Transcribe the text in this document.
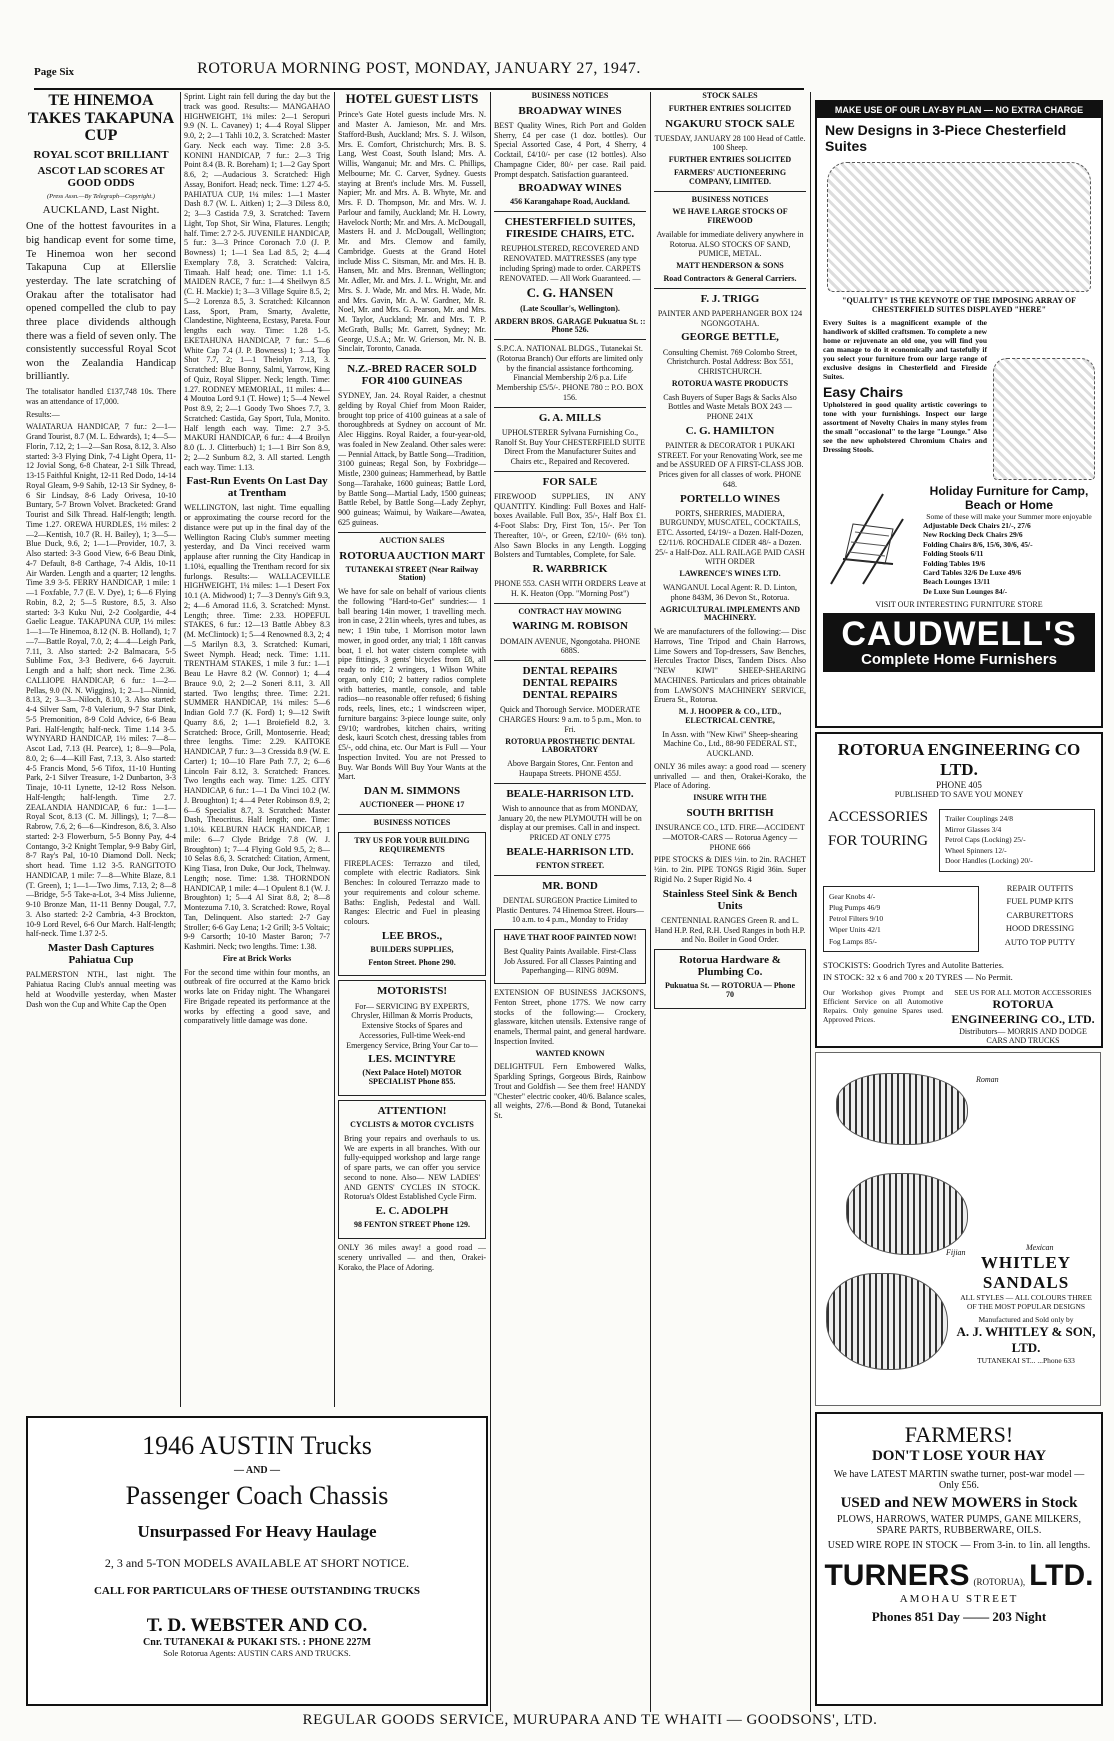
Page Six	ROTORUA MORNING POST, MONDAY, JANUARY 27, 1947.
TE HINEMOA TAKES TAKAPUNA CUP
ROYAL SCOT BRILLIANT
ASCOT LAD SCORES AT GOOD ODDS

(Press Assn.—By Telegraph—Copyright.)

AUCKLAND, Last Night.

One of the hottest favourites in a big handicap event for some time, Te Hinemoa won her second Takapuna Cup at Ellerslie yesterday. The late scratching of Orakau after the totalisator had opened compelled the club to pay three place dividends although there was a field of seven only. The consistently successful Royal Scot won the Zealandia Handicap brilliantly.

The totalisator handled £137,748 10s. There was an attendance of 17,000.

Results:—

WAIATARUA HANDICAP, 7 fur.: 2—1—Grand Tourist, 8.7 (M. L. Edwards), 1; 4—5—Florin, 7.12, 2; 1—2—San Rosa, 8.12, 3. Also started: 3-3 Flying Dink, 7-4 Light Opera, 11-12 Jovial Song, 6-8 Chatear, 2-1 Silk Thread, 13-15 Faithful Knight, 12-11 Red Dodo, 14-14 Royal Gleam, 9-9 Sahib, 12-13 Sir Sydney, 8-6 Sir Lindsay, 8-6 Lady Orivesa, 10-10 Buntary, 5-7 Brown Volvet. Bracketed: Grand Tourist and Silk Thread. Half-length; length. Time 1.27. OREWA HURDLES, 1½ miles: 2—2—Kentish, 10.7 (R. H. Bailey), 1; 3—5—Blue Duck, 9.6, 2; 1—1—Provider, 10.7, 3. Also started: 3-3 Good View, 6-6 Beau Dink, 4-7 Default, 8-8 Carthage, 7-4 Aldis, 10-11 Air Warden. Length and a quarter; 12 lengths. Time 3.9 3-5. FERRY HANDICAP, 1 mile: 1—1 Foxfable, 7.7 (E. V. Dye), 1; 6—6 Flying Robin, 8.2, 2; 5—5 Rustore, 8.5, 3. Also started: 3-3 Kuku Nui, 2-2 Coolgardie, 4-4 Gaelic League. TAKAPUNA CUP, 1½ miles: 1—1—Te Hinemoa, 8.12 (N. B. Holland), 1; 7—7—Battle Royal, 7.0, 2; 4—4—Leigh Park, 7.11, 3. Also started: 2-2 Balmacara, 5-5 Sublime Fox, 3-3 Bedivere, 6-6 Jaycruit. Length and a half; short neck. Time 2.36. CALLIOPE HANDICAP, 6 fur.: 1—2—Pellas, 9.0 (N. N. Wiggins), 1; 2—1—Ninnid, 8.13, 2; 3—3—Niloch, 8.10, 3. Also started: 4-4 Silver Sam, 7-8 Valerium, 9-7 Star Dink, 5-5 Premonition, 8-9 Cold Advice, 6-6 Beau Pari. Half-length; half-neck. Time 1.14 3-5. WYNYARD HANDICAP, 1½ miles: 7—8—Ascot Lad, 7.13 (H. Pearce), 1; 8—9—Pola, 8.0, 2; 6—4—Kill Fast, 7.13, 3. Also started: 4-5 Francis Mond, 5-6 Tifox, 11-10 Hunting Park, 2-1 Silver Treasure, 1-2 Dunbarton, 3-3 Tinaje, 10-11 Lynette, 12-12 Ross Nelson. Half-length; half-length. Time 2.7. ZEALANDIA HANDICAP, 6 fur.: 1—1—Royal Scot, 8.13 (C. M. Jillings), 1; 7—8—Rabrow, 7.6, 2; 6—6—Kindreson, 8.6, 3. Also started: 2-3 Flowerburn, 5-5 Bonny Pay, 4-4 Contango, 3-2 Knight Templar, 9-9 Baby Girl, 8-7 Ray's Pal, 10-10 Diamond Doll. Neck; short head. Time 1.12 3-5. RANGITOTO HANDICAP, 1 mile: 7—8—White Blaze, 8.1 (T. Green), 1; 1—1—Two Jims, 7.13, 2; 8—8—Bridge, 5-5 Take-a-Lot, 3-4 Miss Julienne, 9-10 Bronze Man, 11-11 Benny Dougal, 7.7, 3. Also started: 2-2 Cambria, 4-3 Brockton, 10-9 Lord Revel, 6-6 Our March. Half-length; half-neck. Time 1.37 2-5.

Master Dash Captures Pahiatua Cup

PALMERSTON NTH., last night. The Pahiatua Racing Club's annual meeting was held at Woodville yesterday, when Master Dash won the Cup and White Cap the Open

Sprint. Light rain fell during the day but the track was good. Results:— MANGAHAO HIGHWEIGHT, 1¼ miles: 2—1 Seropuri 9.9 (N. L. Cavaney) 1; 4—4 Royal Slipper 9.0, 2; 2—1 Tahli 10.2, 3. Scratched: Master Gary. Neck each way. Time: 2.8 3-5. KONINI HANDICAP, 7 fur.: 2—3 Trig Point 8.4 (B. R. Boreham) 1; 1—2 Gay Sport 8.6, 2; —Audacious 3. Scratched: High Assay, Bonifort. Head; neck. Time: 1.27 4-5. PAHIATUA CUP, 1¼ miles: 1—1 Master Dash 8.7 (W. L. Aitken) 1; 2—3 Diless 8.0, 2; 3—3 Castida 7.9, 3. Scratched: Tavern Light, Top Shot, Sir Wina, Flatures. Length; half. Time: 2.7 2-5. JUVENILE HANDICAP, 5 fur.: 3—3 Prince Coronach 7.0 (J. P. Bowness) 1; 1—1 Sea Lad 8.5, 2; 4—4 Exemplary 7.8, 3. Scratched: Valcira, Timaah. Half head; one. Time: 1.1 1-5. MAIDEN RACE, 7 fur.: 1—4 Sheilwyn 8.5 (C. H. Mackie) 1; 3—3 Village Squire 8.5, 2; 5—2 Lorenza 8.5, 3. Scratched: Kilcannon Lass, Sport, Pram, Smarty, Avalette, Clandestine, Nighteena, Ecstasy, Pareta. Four lengths each way. Time: 1.28 1-5. EKETAHUNA HANDICAP, 7 fur.: 5—6 White Cap 7.4 (J. P. Bowness) 1; 3—4 Top Shot 7.7, 2; 1—1 Theiolyn 7.13, 3. Scratched: Blue Bonny, Salmi, Yarrow, King of Quiz, Royal Slipper. Neck; length. Time: 1.27. RODNEY MEMORIAL, 11 miles: 4—4 Moutoa Lord 9.1 (T. Howe) 1; 5—4 Newel Post 8.9, 2; 2—1 Goody Two Shoes 7.7, 3. Scratched: Castida, Gay Sport, Tula, Monito. Half length each way. Time: 2.7 3-5. MAKURI HANDICAP, 6 fur.: 4—4 Broilyn 8.0 (L. J. Clitterbuch) 1; 1—1 Birr Son 8.9, 2; 2—2 Sunburn 8.2, 3. All started. Length each way. Time: 1.13.

Fast-Run Events On Last Day at Trentham

WELLINGTON, last night. Time equalling or approximating the course record for the distance were put up in the final day of the Wellington Racing Club's summer meeting yesterday, and Da Vinci received warm applause after running the City Handicap in 1.10¼, equalling the Trentham record for six furlongs. Results:— WALLACEVILLE HIGHWEIGHT, 1¼ miles: 1—1 Desert Fox 10.1 (A. Midwood) 1; 7—3 Denny's Gift 9.3, 2; 4—6 Amorad 11.6, 3. Scratched: Mynst. Length; three. Time: 2.33. HOPEFUL STAKES, 6 fur.: 12—13 Battle Abbey 8.3 (M. McClintock) 1; 5—4 Renowned 8.3, 2; 4—5 Marilyn 8.3, 3. Scratched: Kumari, Sweet Nymph. Head; neck. Time: 1.11. TRENTHAM STAKES, 1 mile 3 fur.: 1—1 Beau Le Havre 8.2 (W. Connor) 1; 4—4 Brauce 9.0, 2; 2—2 Soneri 8.11, 3. All started. Two lengths; three. Time: 2.21. SUMMER HANDICAP, 1¼ miles: 5—6 Indian Gold 7.7 (K. Ford) 1; 9—12 Swift Quarry 8.6, 2; 1—1 Broiefield 8.2, 3. Scratched: Broce, Grill, Montoserrie. Head; three lengths. Time: 2.29. KAITOKE HANDICAP, 7 fur.: 3—3 Cressida 8.9 (W. E. Carter) 1; 10—10 Flare Path 7.7, 2; 6—6 Lincoln Fair 8.12, 3. Scratched: Frances. Two lengths each way. Time: 1.25. CITY HANDICAP, 6 fur.: 1—1 Da Vinci 10.2 (W. J. Broughton) 1; 4—4 Peter Robinson 8.9, 2; 6—6 Specialist 8.7, 3. Scratched: Master Dash, Theocritus. Half length; one. Time: 1.10¼. KELBURN HACK HANDICAP, 1 mile: 6—7 Clyde Bridge 7.8 (W. J. Broughton) 1; 7—4 Flying Gold 9.5, 2; 8—10 Selas 8.6, 3. Scratched: Citation, Arment, King Tiasa, Iron Duke, Our Jock, Thelnway. Length; nose. Time: 1.38. THORNDON HANDICAP, 1 mile: 4—1 Opulent 8.1 (W. J. Broughton) 1; 5—4 Al Sirat 8.8, 2; 8—8 Montezuma 7.10, 3. Scratched: Rowe, Royal Tan, Delinquent. Also started: 2-7 Gay Stroller; 6-6 Gay Lena; 1-2 Grill; 3-5 Voltaic; 9-9 Carsorth; 10-10 Master Baron; 7-7 Kashmiri. Neck; two lengths. Time: 1.38.

Fire at Brick Works

For the second time within four months, an outbreak of fire occurred at the Kamo brick works late on Friday night. The Whangarei Fire Brigade repeated its performance at the works by effecting a good save, and comparatively little damage was done.

HOTEL GUEST LISTS

Prince's Gate Hotel guests include Mrs. N. and Master A. Jamieson, Mr. and Mrs. Stafford-Bush, Auckland; Mrs. S. J. Wilson, Mrs. E. Comfort, Christchurch; Mrs. B. S. Lang, West Coast, South Island; Mrs. A. Willis, Wanganui; Mr. and Mrs. C. Phillips, Melbourne; Mr. C. Carver, Sydney. Guests staying at Brent's include Mrs. M. Fussell, Napier; Mr. and Mrs. A. B. Whyte, Mr. and Mrs. F. D. Thompson, Mr. and Mrs. W. J. Parlour and family, Auckland; Mr. H. Lowry, Havelock North; Mr. and Mrs. A. McDougall, Masters H. and J. McDougall, Wellington; Mr. and Mrs. Clemow and family, Cambridge. Guests at the Grand Hotel include Miss C. Sitsman, Mr. and Mrs. H. B. Hansen, Mr. and Mrs. Brennan, Wellington; Mr. Adler, Mr. and Mrs. J. L. Wright, Mr. and Mrs. S. J. Wade, Mr. and Mrs. H. Wade, Mr. and Mrs. Gavin, Mr. A. W. Gardner, Mr. R. Noel, Mr. and Mrs. G. Pearson, Mr. and Mrs. M. Taylor, Auckland; Mr. and Mrs. T. P. McGrath, Bulls; Mr. Garrett, Sydney; Mr. George, U.S.A.; Mr. W. Grierson, Mr. N. B. Sinclair, Toronto, Canada.

N.Z.-BRED RACER SOLD FOR 4100 GUINEAS

SYDNEY, Jan. 24. Royal Raider, a chestnut gelding by Royal Chief from Moon Raider, brought top price of 4100 guineas at a sale of thoroughbreds at Sydney on account of Mr. Alec Higgins. Royal Raider, a four-year-old, was foaled in New Zealand. Other sales were:— Pennial Attack, by Battle Song—Tradition, 3100 guineas; Regal Son, by Foxbridge—Mistle, 2300 guineas; Hammerhead, by Battle Song—Tarahake, 1600 guineas; Battle Lord, by Battle Song—Martial Lady, 1500 guineas; Battle Rebel, by Battle Song—Lady Zephyr, 900 guineas; Waimui, by Waikare—Awatea, 625 guineas.

AUCTION SALES
ROTORUA AUCTION MART
TUTANEKAI STREET (Near Railway Station)

We have for sale on behalf of various clients the following "Hard-to-Get" sundries:— 1 ball bearing 14in mower, 1 travelling mech. iron in case, 2 21in wheels, tyres and tubes, as new; 1 19in tube, 1 Morrison motor lawn mower, in good order, any trial; 1 18ft canvas boat, 1 el. hot water cistern complete with pipe fittings, 3 gents' bicycles from £8, all ready to ride; 2 wringers, 1 Wilson White organ, only £10; 2 battery radios complete with batteries, mantle, console, and table radios—no reasonable offer refused; 6 fishing rods, reels, lines, etc.; 1 windscreen wiper, furniture bargains: 3-piece lounge suite, only £9/10; wardrobes, kitchen chairs, writing desk, kauri Scotch chest, dressing tables from £5/-, odd china, etc. Our Mart is Full — Your Inspection Invited. You are not Pressed to Buy. War Bonds Will Buy Your Wants at the Mart.

DAN M. SIMMONS
AUCTIONEER — PHONE 17
BUSINESS NOTICES
TRY US FOR YOUR BUILDING REQUIREMENTS

FIREPLACES: Terrazzo and tiled, complete with electric Radiators. Sink Benches: In coloured Terrazzo made to your requirements and colour scheme. Baths: English, Pedestal and Wall. Ranges: Electric and Fuel in pleasing colours.

LEE BROS.,
BUILDERS SUPPLIES,
Fenton Street. Phone 290.
MOTORISTS!

For— SERVICING BY EXPERTS, Chrysler, Hillman & Morris Products, Extensive Stocks of Spares and Accessories, Full-time Week-end Emergency Service, Bring Your Car to—

LES. MCINTYRE
(Next Palace Hotel) MOTOR SPECIALIST Phone 855.
ATTENTION!
CYCLISTS & MOTOR CYCLISTS

Bring your repairs and overhauls to us. We are experts in all branches. With our fully-equipped workshop and large range of spare parts, we can offer you service second to none. Also— NEW LADIES' AND GENTS' CYCLES IN STOCK. Rotorua's Oldest Established Cycle Firm.

E. C. ADOLPH
98 FENTON STREET Phone 129.

ONLY 36 miles away! a good road — scenery unrivalled — and then, Orakei-Korako, the Place of Adoring.

BUSINESS NOTICES
BROADWAY WINES

BEST Quality Wines, Rich Port and Golden Sherry, £4 per case (1 doz. bottles). Our Special Assorted Case, 4 Port, 4 Sherry, 4 Cocktail, £4/10/- per case (12 bottles). Also Champagne Cider, 80/- per case. Rail paid. Prompt despatch. Satisfaction guaranteed.

BROADWAY WINES
456 Karangahape Road, Auckland.
CHESTERFIELD SUITES, FIRESIDE CHAIRS, ETC.

REUPHOLSTERED, RECOVERED AND RENOVATED. MATTRESSES (any type including Spring) made to order. CARPETS RENOVATED. — All Work Guaranteed. —

C. G. HANSEN
(Late Scoullar's, Wellington).
ARDERN BROS. GARAGE Pukuatua St. :: Phone 526.

S.P.C.A. NATIONAL BLDGS., Tutanekai St. (Rotorua Branch) Our efforts are limited only by the financial assistance forthcoming. Financial Membership 2/6 p.a. Life Membership £5/5/-. PHONE 780 :: P.O. BOX 156.

G. A. MILLS

UPHOLSTERER Sylvana Furnishing Co., Ranolf St. Buy Your CHESTERFIELD SUITE Direct From the Manufacturer Suites and Chairs etc., Repaired and Recovered.

FOR SALE

FIREWOOD SUPPLIES, IN ANY QUANTITY. Kindling: Full Boxes and Half-boxes Available. Full Box, 35/-, Half Box £1. 4-Foot Slabs: Dry, First Ton, 15/-. Per Ton Thereafter, 10/-, or Green, £2/10/- (6½ ton). Also Sawn Blocks in any Length. Logging Bolsters and Turntables, Complete, for Sale.

R. WARBRICK

PHONE 553. CASH WITH ORDERS Leave at H. K. Heaton (Opp. "Morning Post")

CONTRACT HAY MOWING
WARING M. ROBISON

DOMAIN AVENUE, Ngongotaha. PHONE 688S.

DENTAL REPAIRS
DENTAL REPAIRS
DENTAL REPAIRS

Quick and Thorough Service. MODERATE CHARGES Hours: 9 a.m. to 5 p.m., Mon. to Fri.

ROTORUA PROSTHETIC DENTAL LABORATORY

Above Bargain Stores, Cnr. Fenton and Haupapa Streets. PHONE 455J.

BEALE-HARRISON LTD.

Wish to announce that as from MONDAY, January 20, the new PLYMOUTH will be on display at our premises. Call in and inspect. PRICED AT ONLY £775

BEALE-HARRISON LTD.
FENTON STREET.
MR. BOND

DENTAL SURGEON Practice Limited to Plastic Dentures. 74 Hinemoa Street. Hours— 10 a.m. to 4 p.m., Monday to Friday

HAVE THAT ROOF PAINTED NOW!

Best Quality Paints Available. First-Class Job Assured. For all Classes Painting and Paperhanging— RING 809M.

EXTENSION OF BUSINESS JACKSON'S, Fenton Street, phone 177S. We now carry stocks of the following:— Crockery, glassware, kitchen utensils. Extensive range of enamels, Thermal paint, and general hardware. Inspection Invited.

WANTED KNOWN

DELIGHTFUL Fern Embowered Walks, Sparkling Springs, Gorgeous Birds, Rainbow Trout and Goldfish — See them free! HANDY "Chester" electric cooker, 40/6. Balance scales, all weights, 27/6.—Bond & Bond, Tutanekai St.

STOCK SALES
FURTHER ENTRIES SOLICITED
NGAKURU STOCK SALE

TUESDAY, JANUARY 28 100 Head of Cattle. 100 Sheep.

FURTHER ENTRIES SOLICITED
FARMERS' AUCTIONEERING COMPANY, LIMITED.
BUSINESS NOTICES
WE HAVE LARGE STOCKS OF FIREWOOD

Available for immediate delivery anywhere in Rotorua. ALSO STOCKS OF SAND, PUMICE, METAL.

MATT HENDERSON & SONS
Road Contractors & General Carriers.
F. J. TRIGG

PAINTER AND PAPERHANGER BOX 124 NGONGOTAHA.

GEORGE BETTLE,

Consulting Chemist. 769 Colombo Street, Christchurch. Postal Address: Box 551, CHRISTCHURCH.

ROTORUA WASTE PRODUCTS

Cash Buyers of Super Bags & Sacks Also Bottles and Waste Metals BOX 243 — PHONE 241X

C. G. HAMILTON

PAINTER & DECORATOR 1 PUKAKI STREET. For your Renovating Work, see me and be ASSURED OF A FIRST-CLASS JOB. Prices given for all classes of work. PHONE 648.

PORTELLO WINES

PORTS, SHERRIES, MADIERA, BURGUNDY, MUSCATEL, COCKTAILS, ETC. Assorted, £4/19/- a Dozen. Half-Dozen, £2/11/6. ROCHDALE CIDER 48/- a Dozen. 25/- a Half-Doz. ALL RAILAGE PAID CASH WITH ORDER

LAWRENCE'S WINES LTD.

WANGANUI. Local Agent: R. D. Linton, phone 843M, 36 Devon St., Rotorua.

AGRICULTURAL IMPLEMENTS AND MACHINERY.

We are manufacturers of the following:— Disc Harrows, Tine Tripod and Chain Harrows, Lime Sowers and Top-dressers, Saw Benches, Hercules Tractor Discs, Tandem Discs. Also "NEW KIWI" SHEEP-SHEARING MACHINES. Particulars and prices obtainable from LAWSON'S MACHINERY SERVICE, Eruera St., Rotorua.

M. J. HOOPER & CO., LTD., ELECTRICAL CENTRE,

In Assn. with "New Kiwi" Sheep-shearing Machine Co., Ltd., 88-90 FEDERAL ST., AUCKLAND.

ONLY 36 miles away: a good road — scenery unrivalled — and then, Orakei-Korako, the Place of Adoring.

INSURE WITH THE
SOUTH BRITISH

INSURANCE CO., LTD. FIRE—ACCIDENT—MOTOR-CARS — Rotorua Agency — PHONE 666

PIPE STOCKS & DIES ½in. to 2in. RACHET ½in. to 2in. PIPE TONGS Rigid 36in. Super Rigid No. 2 Super Rigid No. 4

Stainless Steel Sink & Bench Units

CENTENNIAL RANGES Green R. and L. Hand H.P. Red, R.H. Used Ranges in both H.P. and No. Boiler in Good Order.

Rotorua Hardware & Plumbing Co.
Pukuatua St. — ROTORUA — Phone 70
MAKE USE OF OUR LAY-BY PLAN — NO EXTRA CHARGE
New Designs in 3-Piece Chesterfield Suites
"QUALITY" IS THE KEYNOTE OF THE IMPOSING ARRAY OF CHESTERFIELD SUITES DISPLAYED "HERE"

Every Suites is a magnificent example of the handiwork of skilled craftsmen. To complete a new home or rejuvenate an old one, you will find you can manage to do it economically and tastefully if you select your furniture from our large range of exclusive designs in Chesterfield and Fireside Suites.

Easy Chairs

Upholstered in good quality artistic coverings to tone with your furnishings. Inspect our large assortment of Novelty Chairs in many styles from the small "occasional" to the large "Lounge." Also see the new upholstered Chromium Chairs and Dressing Stools.

Holiday Furniture for Camp, Beach or Home
Some of these will make your Summer more enjoyable
Adjustable Deck Chairs 21/-, 27/6
New Rocking Deck Chairs 29/6
Folding Chairs 8/6, 15/6, 30/6, 45/-
Folding Stools 6/11
Folding Tables 19/6
Card Tables 32/6 De Luxe 49/6
Beach Lounges 13/11
De Luxe Sun Lounges 84/-
VISIT OUR INTERESTING FURNITURE STORE
CAUDWELL'S
Complete Home Furnishers
ROTORUA ENGINEERING CO LTD.
PHONE 405
PUBLISHED TO SAVE YOU MONEY
ACCESSORIES FOR TOURING
Trailer Couplings 24/8
Mirror Glasses 3/4
Petrol Caps (Locking) 25/-
Wheel Spinners 12/-
Door Handles (Locking) 20/-
Gear Knobs 4/-
Plug Pumps 46/9
Petrol Filters 9/10
Wiper Units 42/1
Fog Lamps 85/-
REPAIR OUTFITS
FUEL PUMP KITS
CARBURETTORS
HOOD DRESSING
AUTO TOP PUTTY
STOCKISTS: Goodrich Tyres and Autolite Batteries.
IN STOCK: 32 x 6 and 700 x 20 TYRES — No Permit.

Our Workshop gives Prompt and Efficient Service on all Automotive Repairs. Only genuine Spares used. Approved Prices.

SEE US FOR ALL MOTOR ACCESSORIES
ROTORUA ENGINEERING CO., LTD.
Distributors— MORRIS AND DODGE CARS AND TRUCKS
Roman
Mexican
Fijian
WHITLEY SANDALS
ALL STYLES — ALL COLOURS THREE OF THE MOST POPULAR DESIGNS
Manufactured and Sold only by
A. J. WHITLEY & SON, LTD.
TUTANEKAI ST... ...Phone 633
FARMERS!
DON'T LOSE YOUR HAY
We have LATEST MARTIN swathe turner, post-war model — Only £56.
USED and NEW MOWERS in Stock
PLOWS, HARROWS, WATER PUMPS, GANE MILKERS, SPARE PARTS, RUBBERWARE, OILS.
USED WIRE ROPE IN STOCK — From 3-in. to 1in. all lengths.
TURNERS (ROTORUA), LTD.
AMOHAU STREET
Phones 851 Day —— 203 Night
1946 AUSTIN Trucks
— AND —
Passenger Coach Chassis
Unsurpassed For Heavy Haulage
2, 3 and 5-TON MODELS AVAILABLE AT SHORT NOTICE.
CALL FOR PARTICULARS OF THESE OUTSTANDING TRUCKS
T. D. WEBSTER AND CO.
Cnr. TUTANEKAI & PUKAKI STS. : PHONE 227M
Sole Rotorua Agents: AUSTIN CARS AND TRUCKS.
REGULAR GOODS SERVICE, MURUPARA AND TE WHAITI — GOODSONS', LTD.
